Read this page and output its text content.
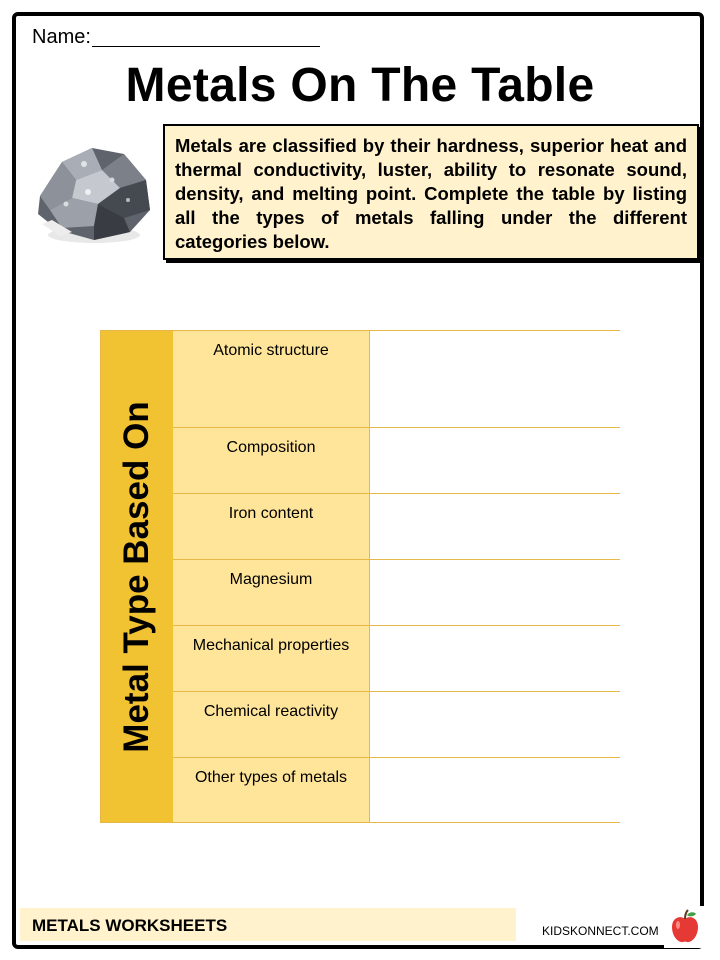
Name:
Metals On The Table
Metals are classified by their hardness, superior heat and thermal conductivity, luster, ability to resonate sound, density, and melting point. Complete the table by listing all the types of metals falling under the different categories below.
Metal Type Based On
Atomic structure
Composition
Iron content
Magnesium
Mechanical properties
Chemical reactivity
Other types of metals
METALS WORKSHEETS	KIDSKONNECT.COM
